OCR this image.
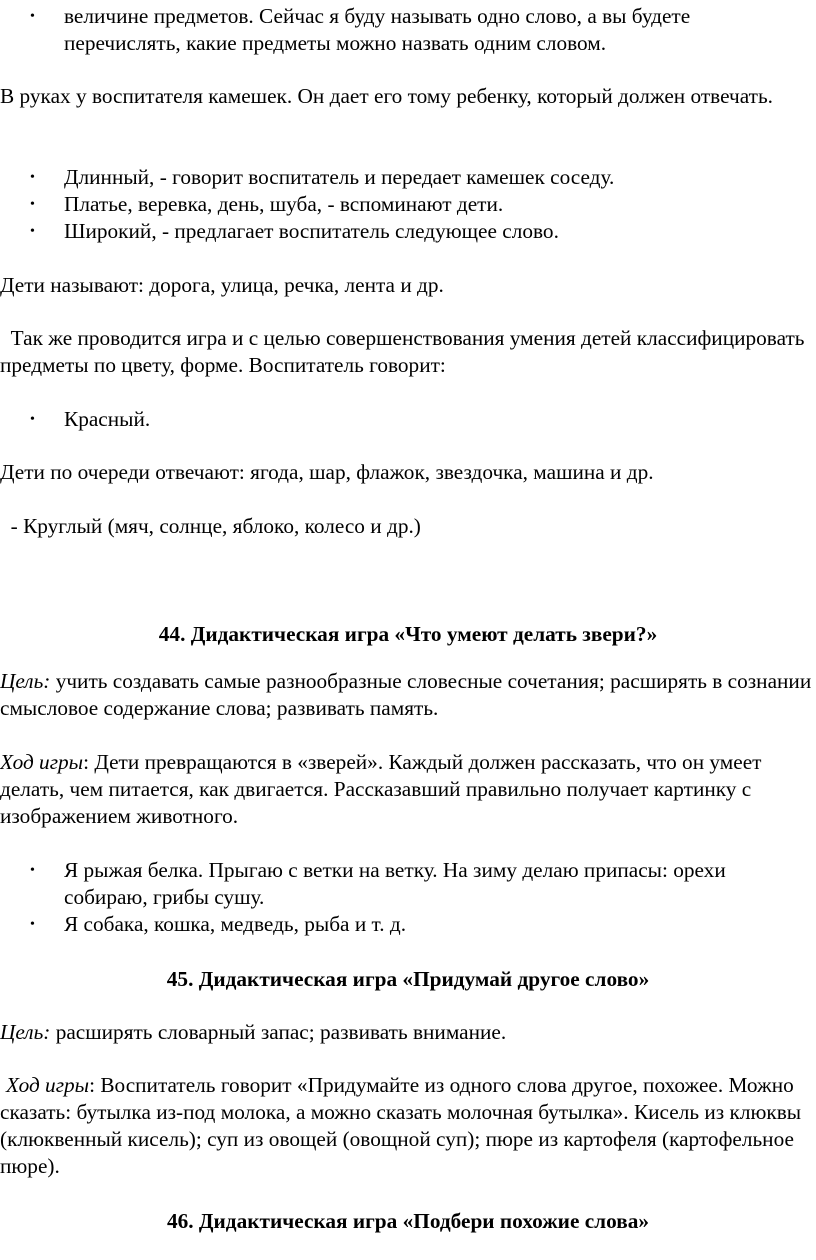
• величине предметов. Сейчас я буду называть одно слово, а вы будете перечислять, какие предметы можно назвать одним словом.

В руках у воспитателя камешек. Он дает его тому ребенку, который должен отвечать.

• Длинный, - говорит воспитатель и передает камешек соседу.
• Платье, веревка, день, шуба, - вспоминают дети.
• Широкий, - предлагает воспитатель следующее слово.

Дети называют: дорога, улица, речка, лента и др.

Так же проводится игра и с целью совершенствования умения детей классифицировать предметы по цвету, форме. Воспитатель говорит:

• Красный.

Дети по очереди отвечают: ягода, шар, флажок, звездочка, машина и др.

- Круглый (мяч, солнце, яблоко, колесо и др.)

44. Дидактическая игра «Что умеют делать звери?»

Цель: учить создавать самые разнообразные словесные сочетания; расширять в сознании смысловое содержание слова; развивать память.

Ход игры: Дети превращаются в «зверей». Каждый должен рассказать, что он умеет делать, чем питается, как двигается. Рассказавший правильно получает картинку с изображением животного.

• Я рыжая белка. Прыгаю с ветки на ветку. На зиму делаю припасы: орехи собираю, грибы сушу.
• Я собака, кошка, медведь, рыба и т. д.
45. Дидактическая игра «Придумай другое слово»

Цель: расширять словарный запас; развивать внимание.

Ход игры: Воспитатель говорит «Придумайте из одного слова другое, похожее. Можно сказать: бутылка из-под молока, а можно сказать молочная бутылка». Кисель из клюквы (клюквенный кисель); суп из овощей (овощной суп); пюре из картофеля (картофельное пюре).

46. Дидактическая игра «Подбери похожие слова»
